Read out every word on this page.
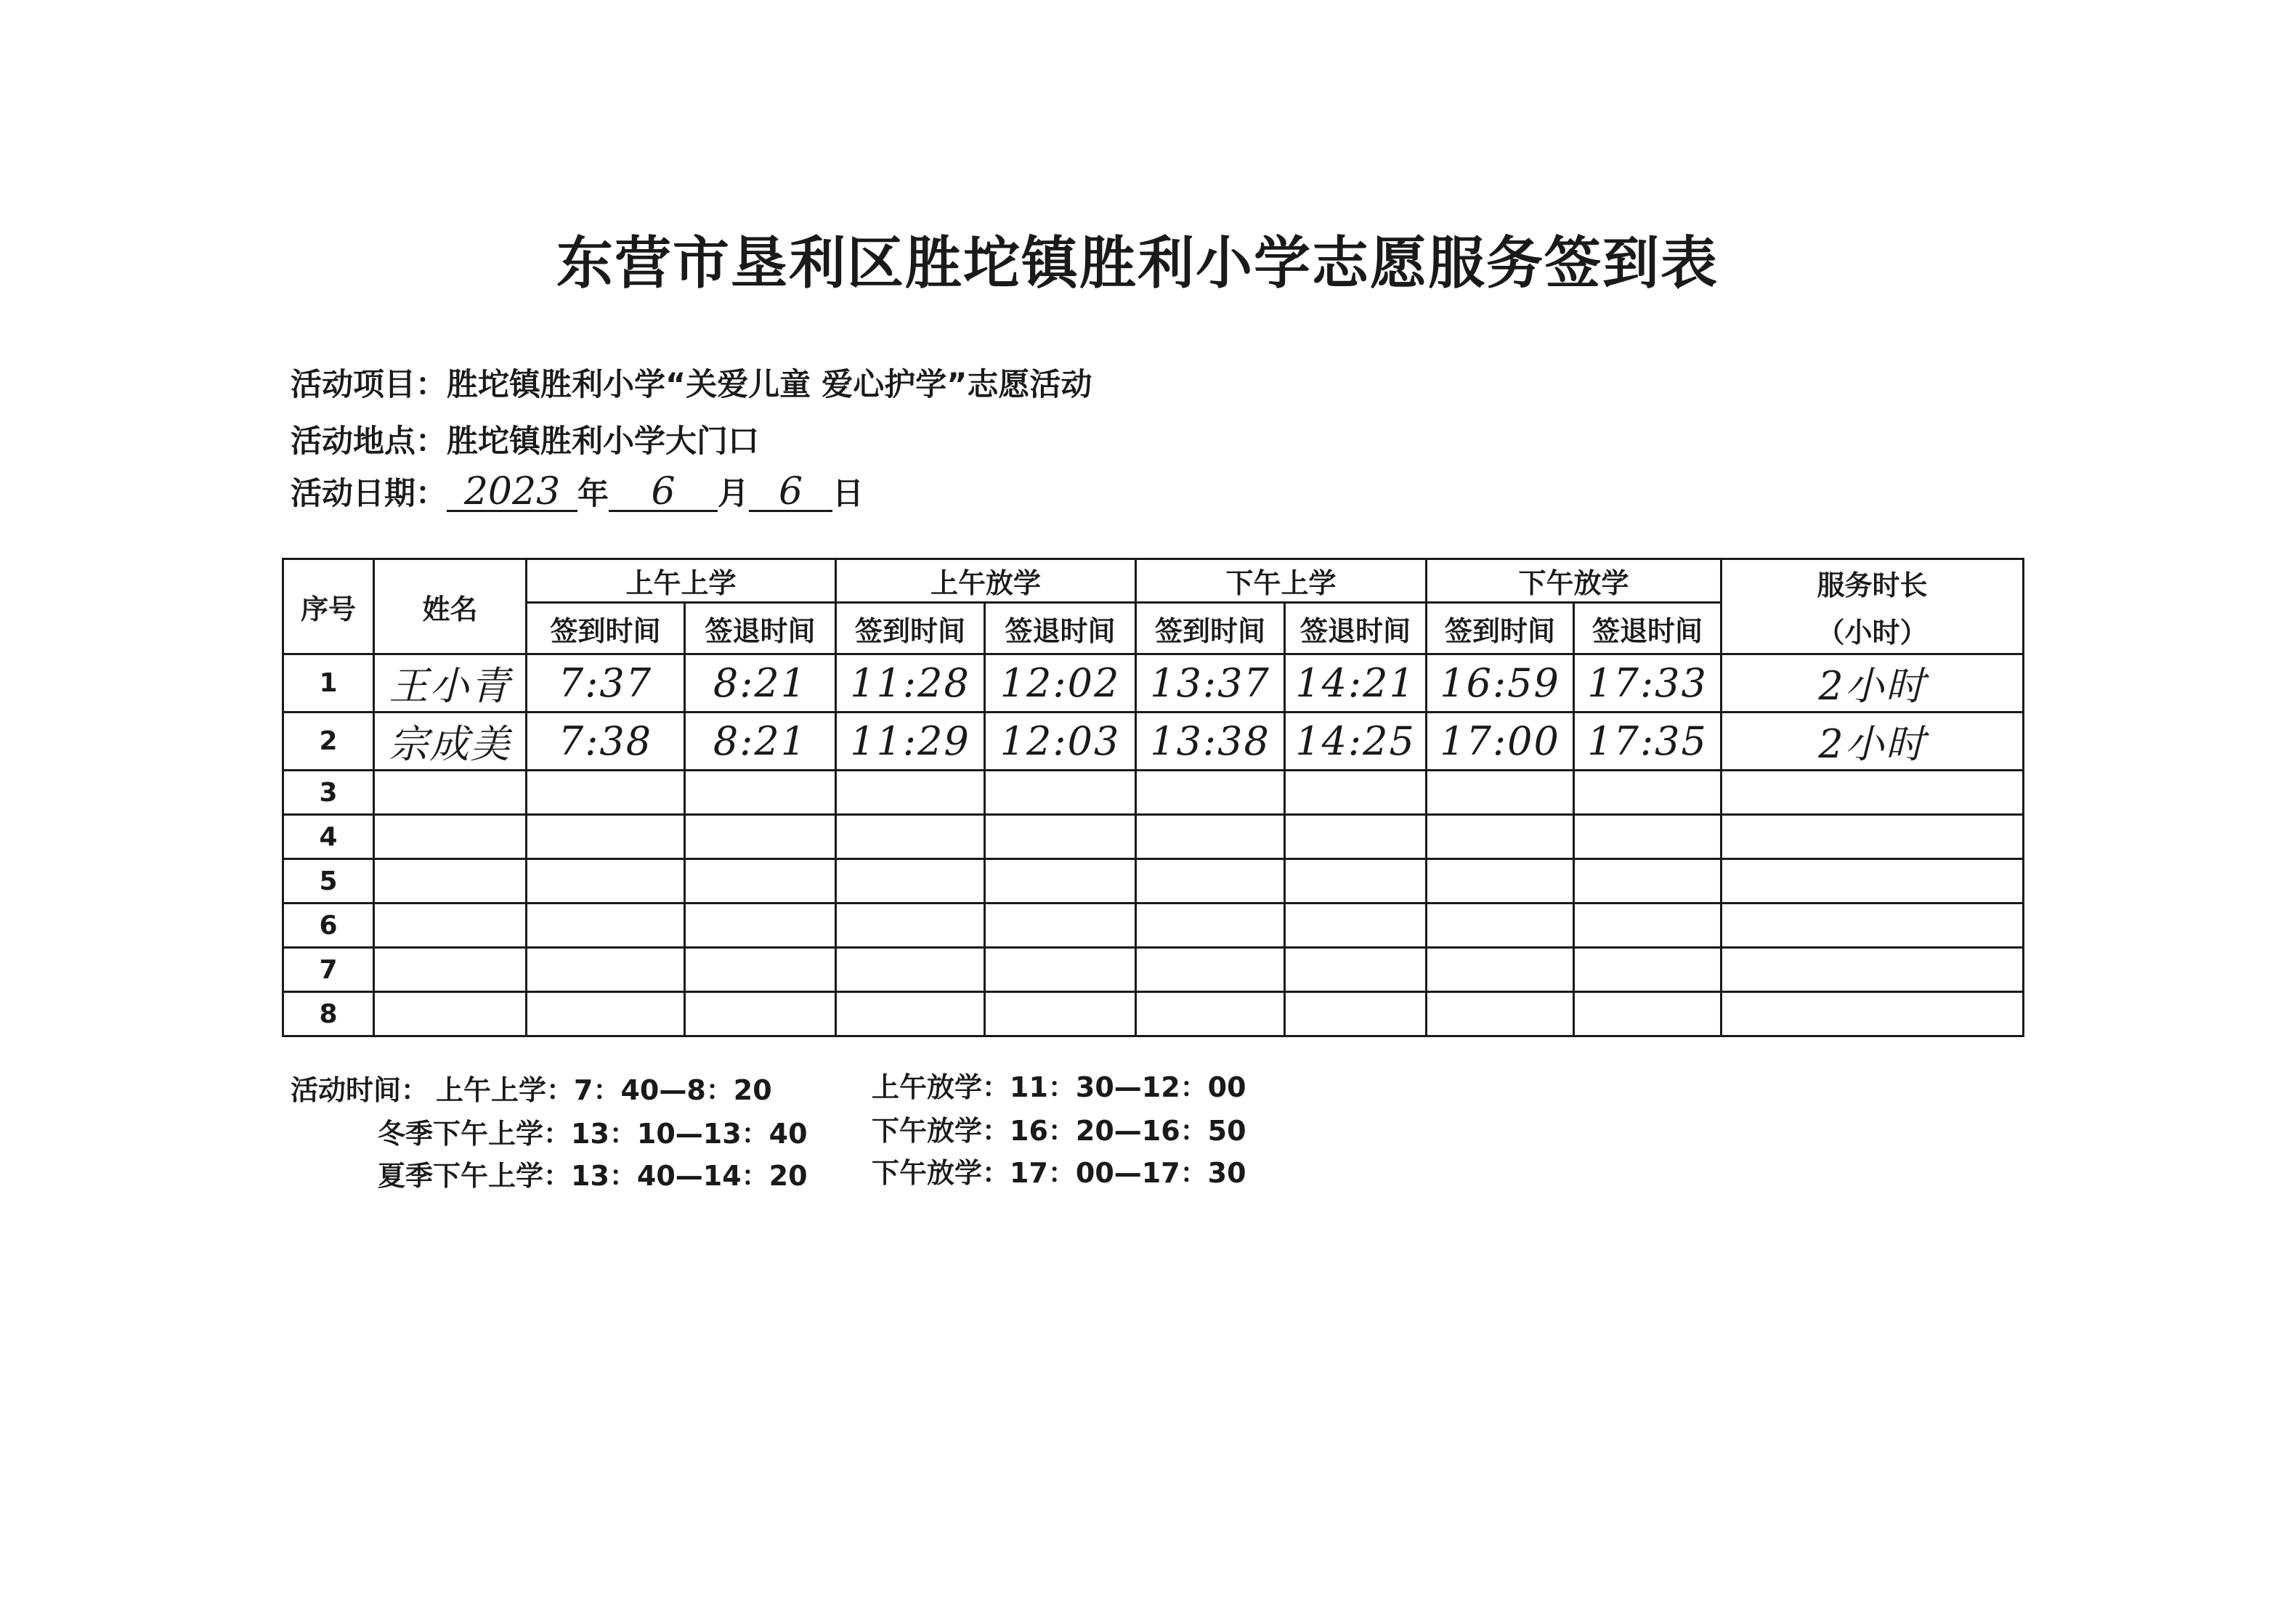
东营市垦利区胜坨镇胜利小学志愿服务签到表
活动项目：胜坨镇胜利小学“关爱儿童 爱心护学”志愿活动
活动地点：胜坨镇胜利小学大门口
活动日期： 2023 年 6 月 6 日
序号	姓名	上午上学		上午放学		下午上学		下午放学		服务时长
（小时）

		签到时间	签退时间	签到时间	签退时间	签到时间	签退时间	签到时间	签退时间	
1	王小青	7:37	8:21	11:28	12:02	13:37	14:21	16:59	17:33	2小时
2	宗成美	7:38	8:21	11:29	12:03	13:38	14:25	17:00	17:35	2小时
3										
4										
5										
6										
7										
8										
活动时间： 上午上学：7：40—8：20	上午放学：11：30—12：00
冬季下午上学：13：10—13：40 下午放学：16：20—16：50
夏季下午上学：13：40—14：20 下午放学：17：00—17：30
